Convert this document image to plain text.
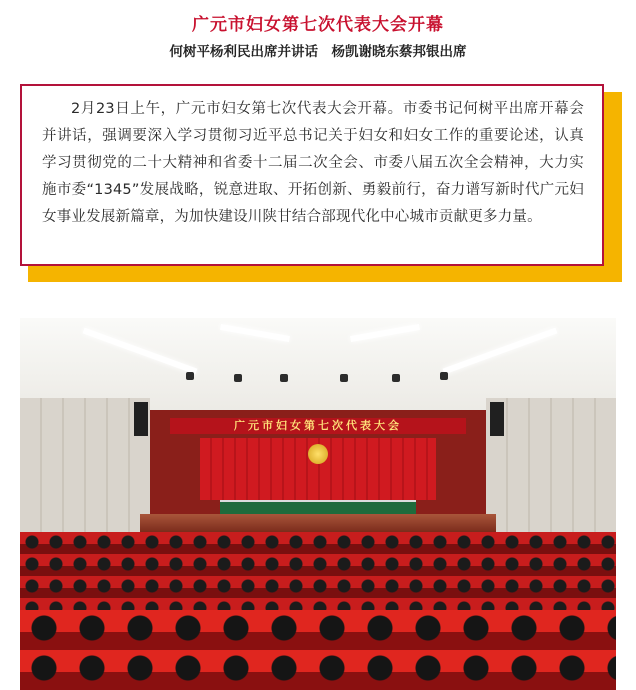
广元市妇女第七次代表大会开幕
何树平杨利民出席并讲话　杨凯谢晓东蔡邦银出席

2月23日上午，广元市妇女第七次代表大会开幕。市委书记何树平出席开幕会并讲话，强调要深入学习贯彻习近平总书记关于妇女和妇女工作的重要论述，认真学习贯彻党的二十大精神和省委十二届二次全会、市委八届五次全会精神，大力实施市委“1345”发展战略，锐意进取、开拓创新、勇毅前行，奋力谱写新时代广元妇女事业发展新篇章，为加快建设川陕甘结合部现代化中心城市贡献更多力量。

广元市妇女第七次代表大会
